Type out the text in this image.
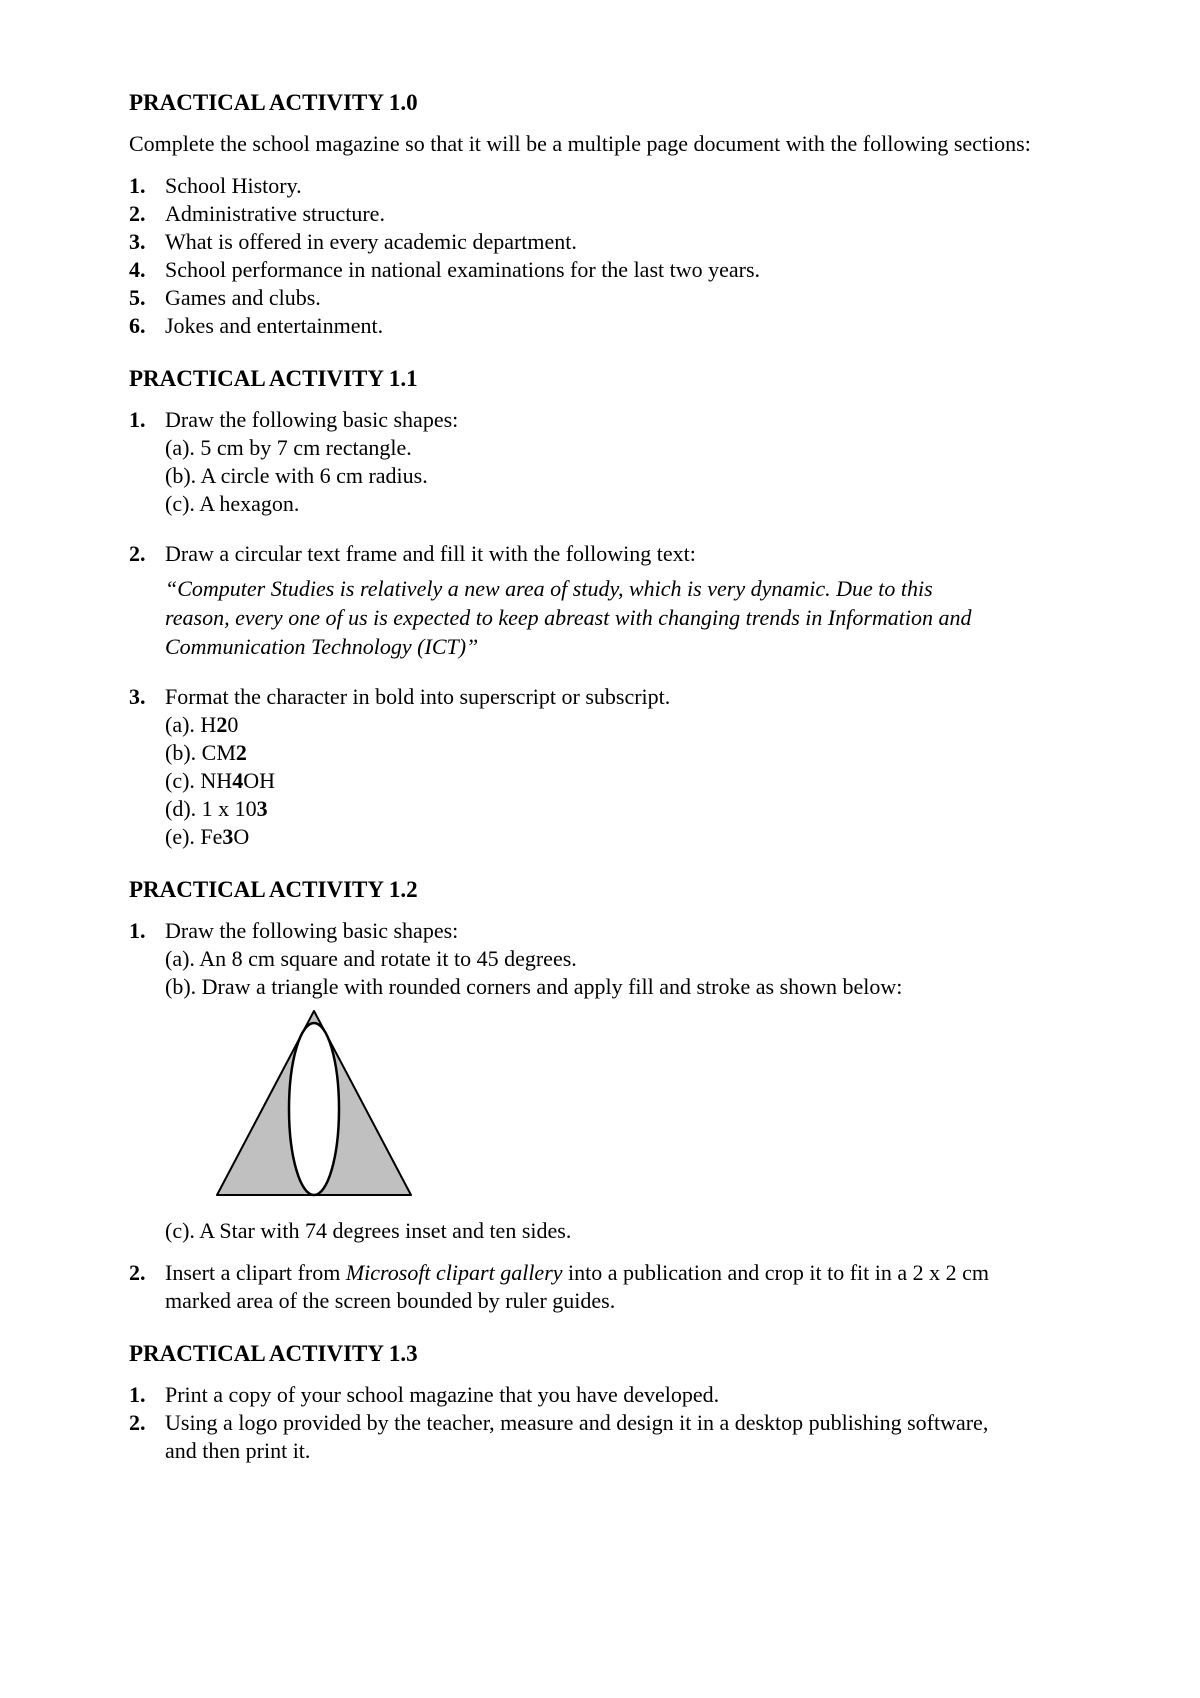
PRACTICAL ACTIVITY 1.0

Complete the school magazine so that it will be a multiple page document with the following sections:

1. School History.
2. Administrative structure.
3. What is offered in every academic department.
4. School performance in national examinations for the last two years.
5. Games and clubs.
6. Jokes and entertainment.

PRACTICAL ACTIVITY 1.1

1. Draw the following basic shapes:
(a). 5 cm by 7 cm rectangle.
(b). A circle with 6 cm radius.
(c). A hexagon.
2. Draw a circular text frame and fill it with the following text:
“Computer Studies is relatively a new area of study, which is very dynamic. Due to this
reason, every one of us is expected to keep abreast with changing trends in Information and
Communication Technology (ICT)”
3. Format the character in bold into superscript or subscript.
(a). H20
(b). CM2
(c). NH4OH
(d). 1 x 103
(e). Fe3O

PRACTICAL ACTIVITY 1.2

1. Draw the following basic shapes:
(a). An 8 cm square and rotate it to 45 degrees.
(b). Draw a triangle with rounded corners and apply fill and stroke as shown below:
(c). A Star with 74 degrees inset and ten sides.
2. Insert a clipart from Microsoft clipart gallery into a publication and crop it to fit in a 2 x 2 cm
marked area of the screen bounded by ruler guides.

PRACTICAL ACTIVITY 1.3

1. Print a copy of your school magazine that you have developed.
2. Using a logo provided by the teacher, measure and design it in a desktop publishing software,
and then print it.
